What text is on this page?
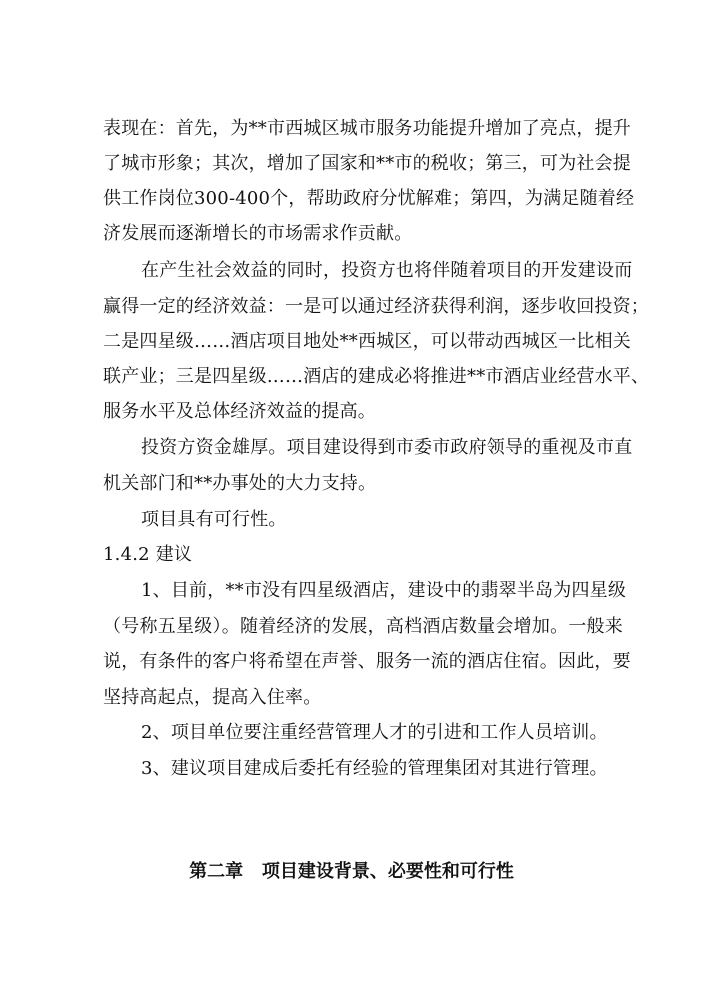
表现在：首先，为**市西城区城市服务功能提升增加了亮点，提升
了城市形象；其次，增加了国家和**市的税收；第三，可为社会提
供工作岗位300-400个，帮助政府分忧解难；第四，为满足随着经
济发展而逐渐增长的市场需求作贡献。
在产生社会效益的同时，投资方也将伴随着项目的开发建设而
赢得一定的经济效益：一是可以通过经济获得利润，逐步收回投资；
二是四星级……酒店项目地处**西城区，可以带动西城区一比相关
联产业；三是四星级……酒店的建成必将推进**市酒店业经营水平、
服务水平及总体经济效益的提高。
投资方资金雄厚。项目建设得到市委市政府领导的重视及市直
机关部门和**办事处的大力支持。
项目具有可行性。
1.4.2 建议
1、目前，**市没有四星级酒店，建设中的翡翠半岛为四星级
（号称五星级）。随着经济的发展，高档酒店数量会增加。一般来
说，有条件的客户将希望在声誉、服务一流的酒店住宿。因此，要
坚持高起点，提高入住率。
2、项目单位要注重经营管理人才的引进和工作人员培训。
3、建议项目建成后委托有经验的管理集团对其进行管理。
第二章   项目建设背景、必要性和可行性
